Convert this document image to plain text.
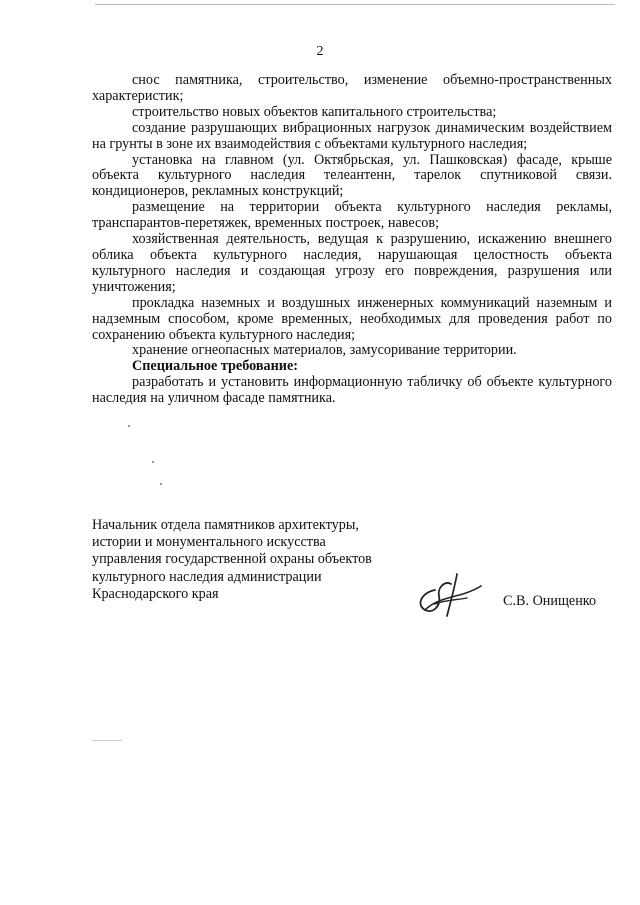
2

снос памятника, строительство, изменение объемно-пространственных характеристик;

строительство новых объектов капитального строительства;

создание разрушающих вибрационных нагрузок динамическим воздействием на грунты в зоне их взаимодействия с объектами культурного наследия;

установка на главном (ул. Октябрьская, ул. Пашковская) фасаде, крыше объекта культурного наследия телеантенн, тарелок спутниковой связи. кондиционеров, рекламных конструкций;

размещение на территории объекта культурного наследия рекламы, транспарантов-перетяжек, временных построек, навесов;

хозяйственная деятельность, ведущая к разрушению, искажению внешнего облика объекта культурного наследия, нарушающая целостность объекта культурного наследия и создающая угрозу его повреждения, разрушения или уничтожения;

прокладка наземных и воздушных инженерных коммуникаций наземным и надземным способом, кроме временных, необходимых для проведения работ по сохранению объекта культурного наследия;

хранение огнеопасных материалов, замусоривание территории.

Специальное требование:

разработать и установить информационную табличку об объекте культурного наследия на уличном фасаде памятника.

Начальник отдела памятников архитектуры,
истории и монументального искусства
управления государственной охраны объектов
культурного наследия администрации
Краснодарского края	С.В. Онищенко
